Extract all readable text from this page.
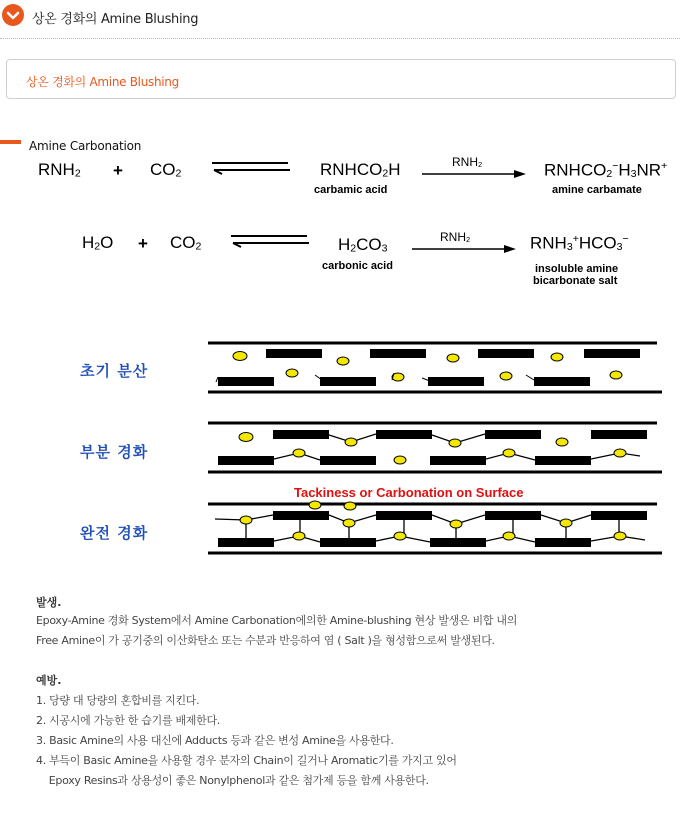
상온 경화의 Amine Blushing
상온 경화의 Amine Blushing
Amine Carbonation
RNH2 + CO2	RNHCO2H
carbamic acid
RNH2	RNHCO2−H3NR+
amine carbamate
H2O + CO2	H2CO3
carbonic acid
RNH2	RNH3+HCO3−
insoluble amine
bicarbonate salt
초기 분산
부분 경화
완전 경화
Tackiness or Carbonation on Surface
발생.
Epoxy-Amine 경화 System에서 Amine Carbonation에의한 Amine-blushing 현상 발생은 비합 내의
Free Amine이 가 공기중의 이산화탄소 또는 수분과 반응하여 염 ( Salt )을 형성함으로써 발생된다.
예방.
1. 당량 대 당량의 혼합비를 지킨다.
2. 시공시에 가능한 한 습기를 배제한다.
3. Basic Amine의 사용 대신에 Adducts 등과 같은 변성 Amine을 사용한다.
4. 부득이 Basic Amine을 사용할 경우 분자의 Chain이 길거나 Aromatic기를 가지고 있어
Epoxy Resins과 상용성이 좋은 Nonylphenol과 같은 첨가제 등을 함께 사용한다.
